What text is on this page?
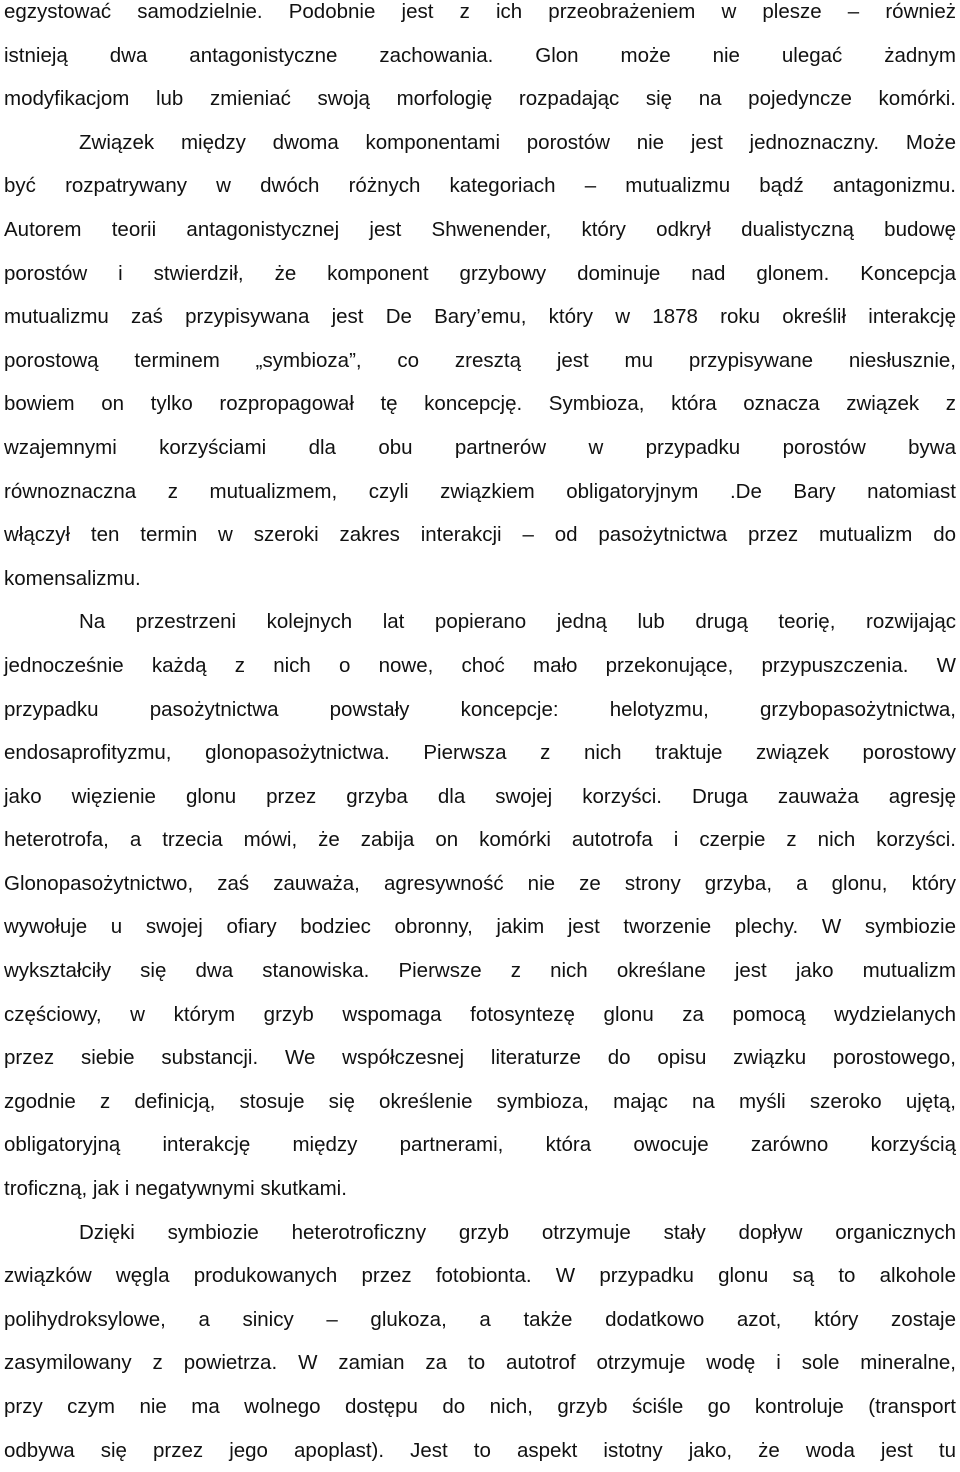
egzystować samodzielnie. Podobnie jest z ich przeobrażeniem w plesze – również
istnieją dwa antagonistyczne zachowania. Glon może nie ulegać żadnym
modyfikacjom lub zmieniać swoją morfologię rozpadając się na pojedyncze komórki.
Związek między dwoma komponentami porostów nie jest jednoznaczny. Może
być rozpatrywany w dwóch różnych kategoriach – mutualizmu bądź antagonizmu.
Autorem teorii antagonistycznej jest Shwenender, który odkrył dualistyczną budowę
porostów i stwierdził, że komponent grzybowy dominuje nad glonem. Koncepcja
mutualizmu zaś przypisywana jest De Bary’emu, który w 1878 roku określił interakcję
porostową terminem „symbioza”, co zresztą jest mu przypisywane niesłusznie,
bowiem on tylko rozpropagował tę koncepcję. Symbioza, która oznacza związek z
wzajemnymi korzyściami dla obu partnerów w przypadku porostów bywa
równoznaczna z mutualizmem, czyli związkiem obligatoryjnym .De Bary natomiast
włączył ten termin w szeroki zakres interakcji – od pasożytnictwa przez mutualizm do
komensalizmu.
Na przestrzeni kolejnych lat popierano jedną lub drugą teorię, rozwijając
jednocześnie każdą z nich o nowe, choć mało przekonujące, przypuszczenia. W
przypadku pasożytnictwa powstały koncepcje: helotyzmu, grzybopasożytnictwa,
endosaprofityzmu, glonopasożytnictwa. Pierwsza z nich traktuje związek porostowy
jako więzienie glonu przez grzyba dla swojej korzyści. Druga zauważa agresję
heterotrofa, a trzecia mówi, że zabija on komórki autotrofa i czerpie z nich korzyści.
Glonopasożytnictwo, zaś zauważa, agresywność nie ze strony grzyba, a glonu, który
wywołuje u swojej ofiary bodziec obronny, jakim jest tworzenie plechy. W symbiozie
wykształciły się dwa stanowiska. Pierwsze z nich określane jest jako mutualizm
częściowy, w którym grzyb wspomaga fotosyntezę glonu za pomocą wydzielanych
przez siebie substancji. We współczesnej literaturze do opisu związku porostowego,
zgodnie z definicją, stosuje się określenie symbioza, mając na myśli szeroko ujętą,
obligatoryjną interakcję między partnerami, która owocuje zarówno korzyścią
troficzną, jak i negatywnymi skutkami.
Dzięki symbiozie heterotroficzny grzyb otrzymuje stały dopływ organicznych
związków węgla produkowanych przez fotobionta. W przypadku glonu są to alkohole
polihydroksylowe, a sinicy – glukoza, a także dodatkowo azot, który zostaje
zasymilowany z powietrza. W zamian za to autotrof otrzymuje wodę i sole mineralne,
przy czym nie ma wolnego dostępu do nich, grzyb ściśle go kontroluje (transport
odbywa się przez jego apoplast). Jest to aspekt istotny jako, że woda jest tu
